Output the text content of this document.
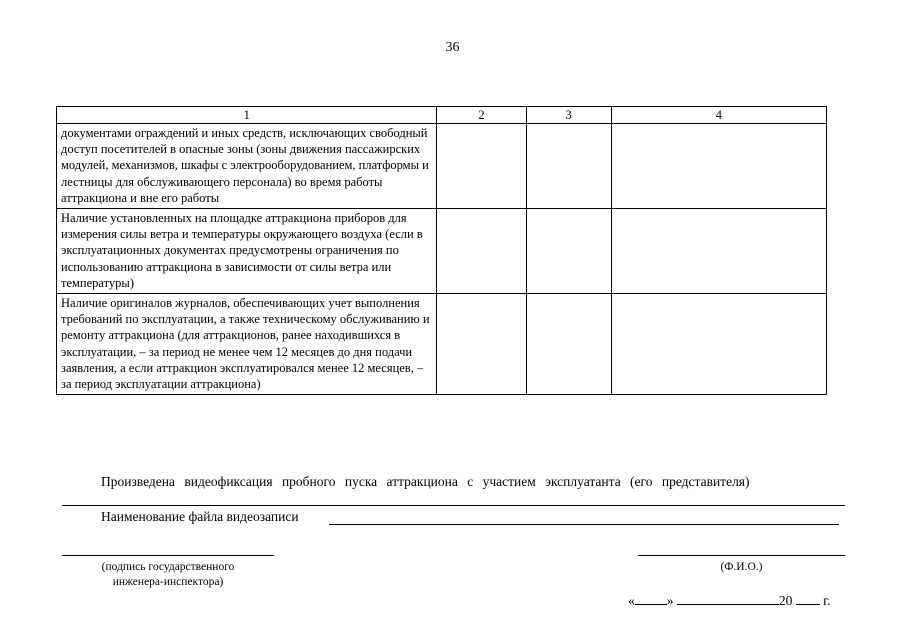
36
1	2	3	4
документами ограждений и иных средств, исключающих свободный доступ посетителей в опасные зоны (зоны движения пассажирских модулей, механизмов, шкафы с электрооборудованием, платформы и лестницы для обслуживающего персонала) во время работы аттракциона и вне его работы			
Наличие установленных на площадке аттракциона приборов для измерения силы ветра и температуры окружающего воздуха (если в эксплуатационных документах предусмотрены ограничения по использованию аттракциона в зависимости от силы ветра или температуры)			
Наличие оригиналов журналов, обеспечивающих учет выполнения требований по эксплуатации, а также техническому обслуживанию и ремонту аттракциона (для аттракционов, ранее находившихся в эксплуатации, – за период не менее чем 12 месяцев до дня подачи заявления, а если аттракцион эксплуатировался менее 12 месяцев, – за период эксплуатации аттракциона)			
Произведена видеофиксация пробного пуска аттракциона с участием эксплуатанта (его представителя)
Наименование файла видеозаписи
(подпись государственного
инженера-инспектора)
(Ф.И.О.)
« »	20 г.
